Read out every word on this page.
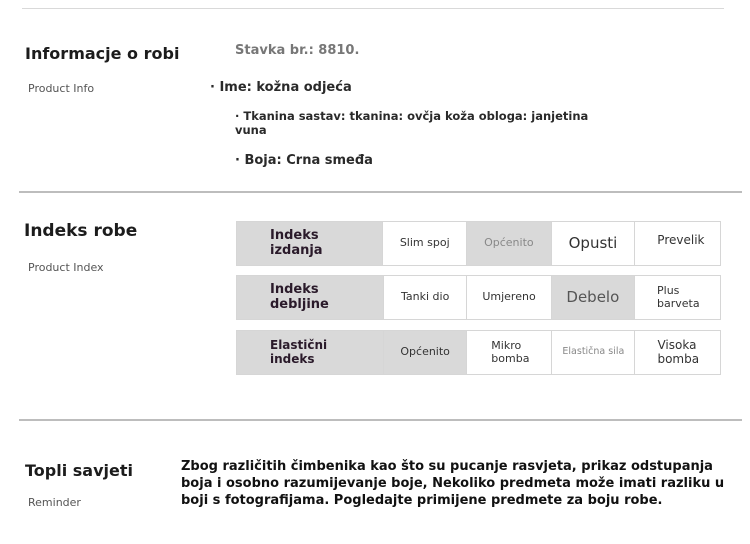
Informacje o robi
Product Info
Stavka br.: 8810.
· Ime: kožna odjeća
· Tkanina sastav: tkanina: ovčja koža obloga: janjetina vuna
· Boja: Crna smeđa
Indeks robe
Product Index
Indeks izdanja	Slim spoj	Općenito	Opusti	Prevelik
Indeks debljine	Tanki dio	Umjereno	Debelo	Plus barveta
Elastični indeks	Općenito	Mikro bomba	Elastična sila	Visoka bomba
Topli savjeti
Reminder
Zbog različitih čimbenika kao što su pucanje rasvjeta, prikaz odstupanja boja i osobno razumijevanje boje, Nekoliko predmeta može imati razliku u boji s fotografijama. Pogledajte primijene predmete za boju robe.
